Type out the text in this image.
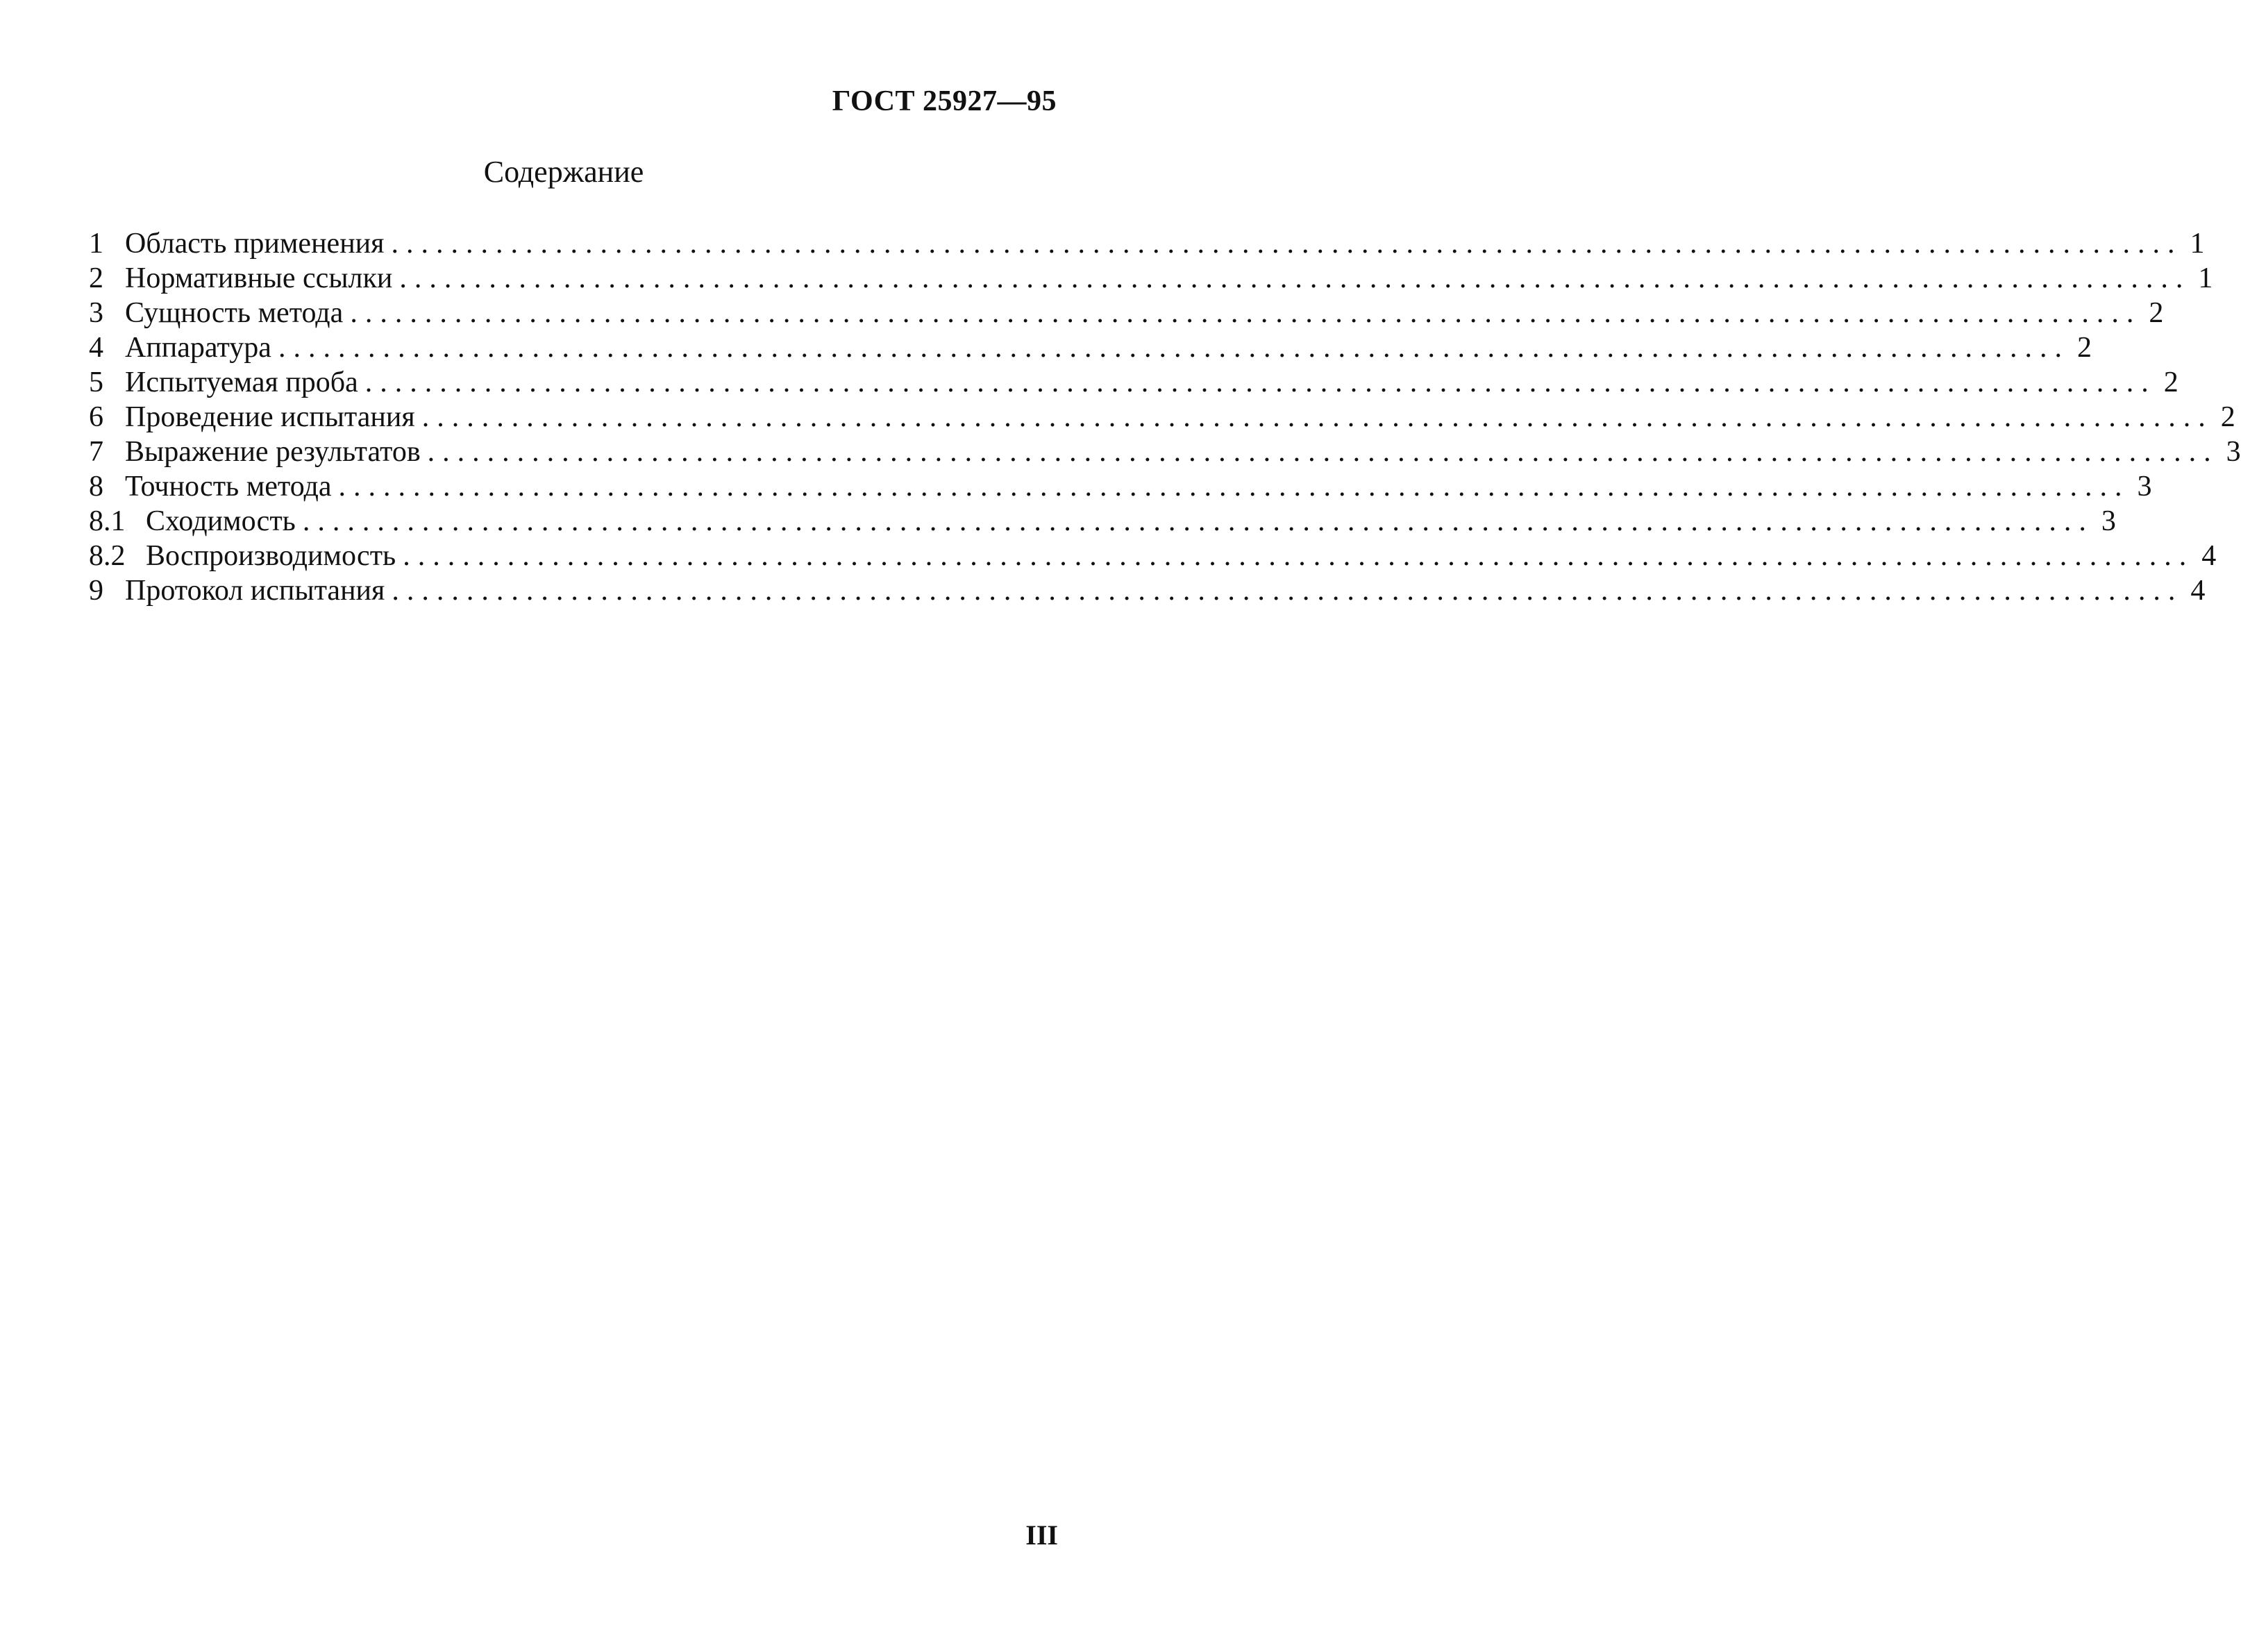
ГОСТ 25927—95
Содержание
1 Область применения ........................................................................................................................ 1
2 Нормативные ссылки ........................................................................................................................ 1
3 Сущность метода ........................................................................................................................ 2
4 Аппаратура ........................................................................................................................ 2
5 Испытуемая проба ........................................................................................................................ 2
6 Проведение испытания ........................................................................................................................ 2
7 Выражение результатов ........................................................................................................................ 3
8 Точность метода ........................................................................................................................ 3
8.1 Сходимость ........................................................................................................................ 3
8.2 Воспроизводимость ........................................................................................................................ 4
9 Протокол испытания ........................................................................................................................ 4
III
